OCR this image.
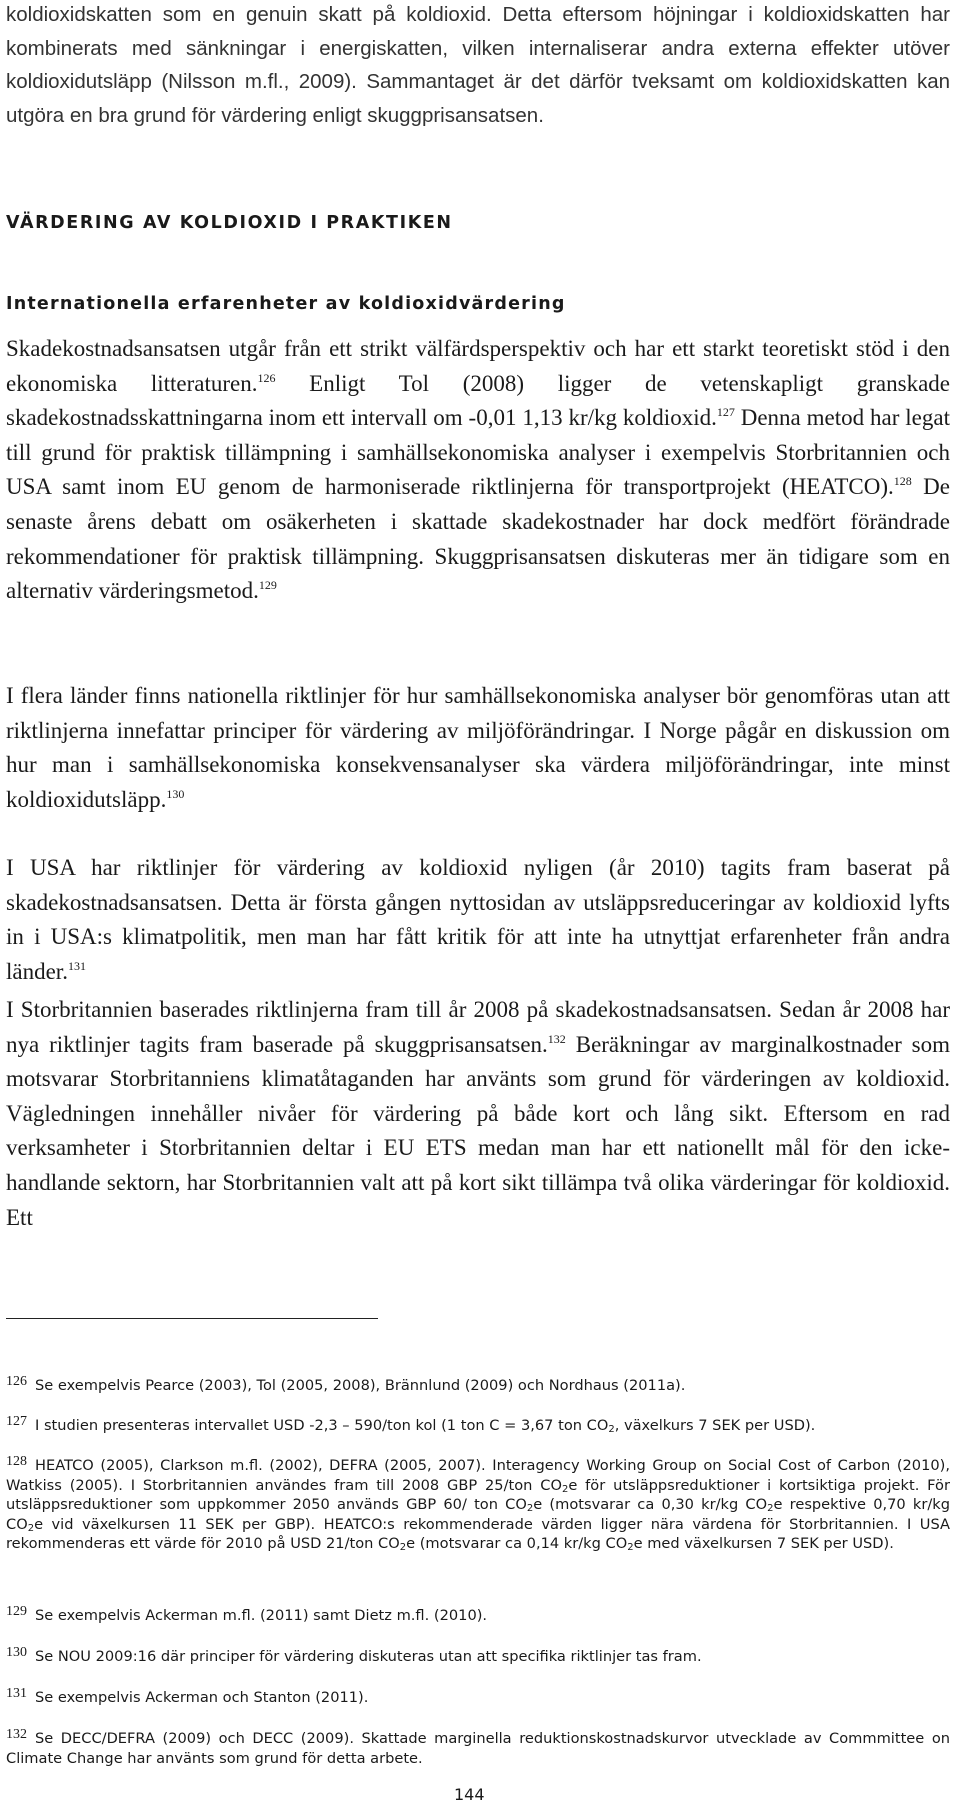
koldioxidskatten som en genuin skatt på koldioxid. Detta eftersom höjningar i koldioxidskatten har kombinerats med sänkningar i energiskatten, vilken internaliserar andra externa effekter utöver koldioxidutsläpp (Nilsson m.fl., 2009). Sammantaget är det därför tveksamt om koldioxidskatten kan utgöra en bra grund för värdering enligt skuggprisansatsen.

VÄRDERING AV KOLDIOXID I PRAKTIKEN
Internationella erfarenheter av koldioxidvärdering

Skadekostnadsansatsen utgår från ett strikt välfärdsperspektiv och har ett starkt teoretiskt stöd i den ekonomiska litteraturen.$^{126}$ Enligt Tol (2008) ligger de vetenskapligt granskade skadekostnadsskattningarna inom ett intervall om -0,01 1,13 kr/kg koldioxid.$^{127}$ Denna metod har legat till grund för praktisk tillämpning i samhällsekonomiska analyser i exempelvis Storbritannien och USA samt inom EU genom de harmoniserade riktlinjerna för transportprojekt (HEATCO).$^{128}$ De senaste årens debatt om osäkerheten i skattade skadekostnader har dock medfört förändrade rekommendationer för praktisk tillämpning. Skuggprisansatsen diskuteras mer än tidigare som en alternativ värderingsmetod.$^{129}$

I flera länder finns nationella riktlinjer för hur samhällsekonomiska analyser bör genomföras utan att riktlinjerna innefattar principer för värdering av miljöförändringar. I Norge pågår en diskussion om hur man i samhällsekonomiska konsekvensanalyser ska värdera miljöförändringar, inte minst koldioxidutsläpp.$^{130}$

I USA har riktlinjer för värdering av koldioxid nyligen (år 2010) tagits fram baserat på skadekostnadsansatsen. Detta är första gången nyttosidan av utsläppsreduceringar av koldioxid lyfts in i USA:s klimatpolitik, men man har fått kritik för att inte ha utnyttjat erfarenheter från andra länder.$^{131}$

I Storbritannien baserades riktlinjerna fram till år 2008 på skadekostnadsansatsen. Sedan år 2008 har nya riktlinjer tagits fram baserade på skuggprisansatsen.$^{132}$ Beräkningar av marginalkostnader som motsvarar Storbritanniens klimatåtaganden har använts som grund för värderingen av koldioxid. Vägledningen innehåller nivåer för värdering på både kort och lång sikt. Eftersom en rad verksamheter i Storbritannien deltar i EU ETS medan man har ett nationellt mål för den icke-handlande sektorn, har Storbritannien valt att på kort sikt tillämpa två olika värderingar för koldioxid. Ett

126 Se exempelvis Pearce (2003), Tol (2005, 2008), Brännlund (2009) och Nordhaus (2011a).

127 I studien presenteras intervallet USD -2,3 – 590/ton kol (1 ton C = 3,67 ton $CO_2$, växelkurs 7 SEK per USD).

128 HEATCO (2005), Clarkson m.fl. (2002), DEFRA (2005, 2007). Interagency Working Group on Social Cost of Carbon (2010), Watkiss (2005). I Storbritannien användes fram till 2008 GBP 25/ton $CO_2e$ för utsläppsreduktioner i kortsiktiga projekt. För utsläppsreduktioner som uppkommer 2050 används GBP 60/ ton $CO_2e$ (motsvarar ca 0,30 kr/kg $CO_2e$ respektive 0,70 kr/kg $CO_2e$ vid växelkursen 11 SEK per GBP). HEATCO:s rekommenderade värden ligger nära värdena för Storbritannien. I USA rekommenderas ett värde för 2010 på USD 21/ton $CO_2e$ (motsvarar ca 0,14 kr/kg $CO_2e$ med växelkursen 7 SEK per USD).

129 Se exempelvis Ackerman m.fl. (2011) samt Dietz m.fl. (2010).

130 Se NOU 2009:16 där principer för värdering diskuteras utan att specifika riktlinjer tas fram.

131 Se exempelvis Ackerman och Stanton (2011).

132 Se DECC/DEFRA (2009) och DECC (2009). Skattade marginella reduktionskostnadskurvor utvecklade av Commmittee on Climate Change har använts som grund för detta arbete.

144
